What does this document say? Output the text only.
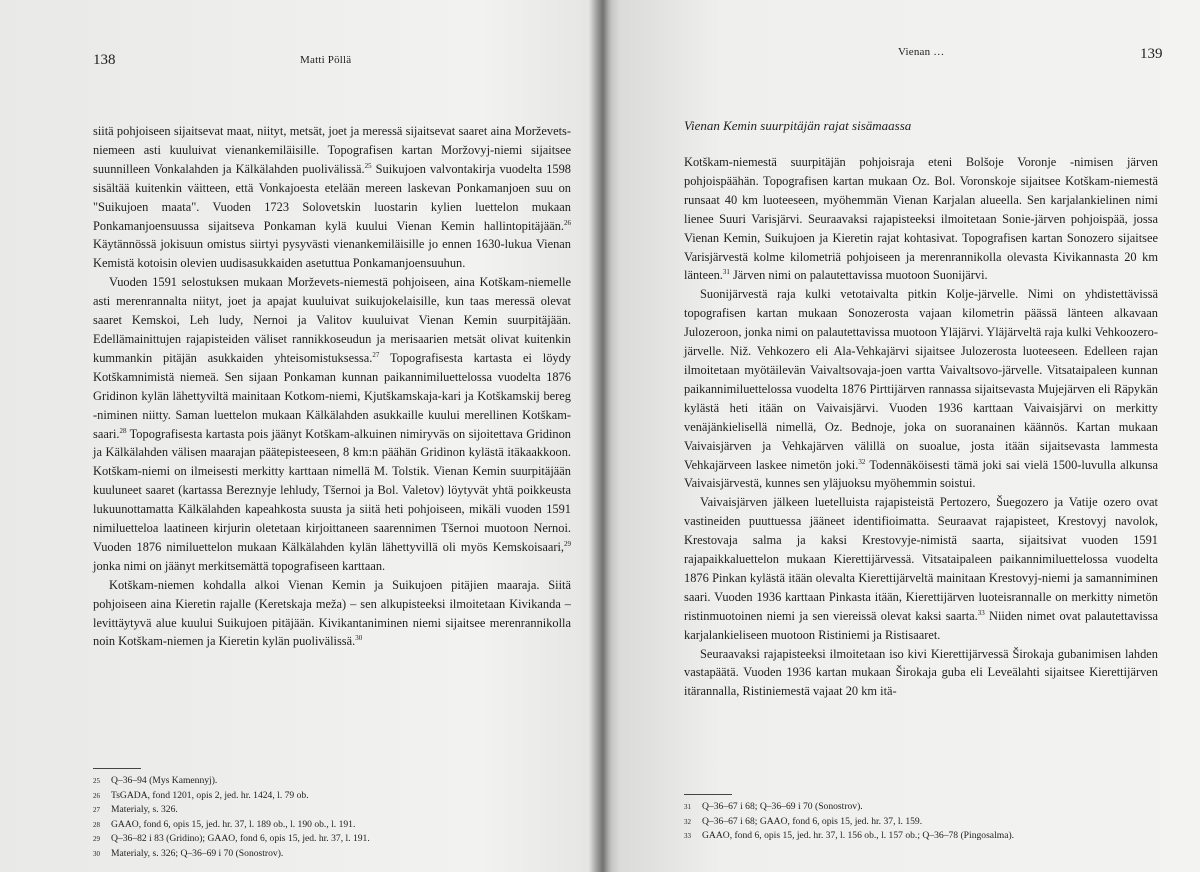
138	Matti Pöllä

siitä pohjoiseen sijaitsevat maat, niityt, metsät, joet ja meressä sijaitsevat saaret aina Morževets-niemeen asti kuuluivat vienankemiläisille. Topografisen kartan Moržovyj-niemi sijaitsee suunnilleen Vonkalahden ja Kälkälahden puolivälissä.$^{25}$ Suikujoen valvontakirja vuodelta 1598 sisältää kuitenkin väitteen, että Vonkajoesta etelään mereen laskevan Ponkamanjoen suu on "Suikujoen maata". Vuoden 1723 Solovetskin luostarin kylien luettelon mukaan Ponkamanjoensuussa sijaitseva Ponkaman kylä kuului Vienan Kemin hallintopitäjään.$^{26}$ Käytännössä jokisuun omistus siirtyi pysyvästi vienankemiläisille jo ennen 1630-lukua Vienan Kemistä kotoisin olevien uudisasukkaiden asetuttua Ponkamanjoensuuhun.

Vuoden 1591 selostuksen mukaan Morževets-niemestä pohjoiseen, aina Kotškam-niemelle asti merenrannalta niityt, joet ja apajat kuuluivat suikujokelaisille, kun taas meressä olevat saaret Kemskoi, Leh ludy, Nernoi ja Valitov kuuluivat Vienan Kemin suurpitäjään. Edellämainittujen rajapisteiden väliset rannikkoseudun ja merisaarien metsät olivat kuitenkin kummankin pitäjän asukkaiden yhteisomistuksessa.$^{27}$ Topografisesta kartasta ei löydy Kotškamnimistä niemeä. Sen sijaan Ponkaman kunnan paikannimiluettelossa vuodelta 1876 Gridinon kylän lähettyviltä mainitaan Kotkom-niemi, Kjutškamskaja-kari ja Kotškamskij bereg -niminen niitty. Saman luettelon mukaan Kälkälahden asukkaille kuului merellinen Kotškam-saari.$^{28}$ Topografisesta kartasta pois jäänyt Kotškam-alkuinen nimiryväs on sijoitettava Gridinon ja Kälkälahden välisen maarajan päätepisteeseen, 8 km:n päähän Gridinon kylästä itäkaakkoon. Kotškam-niemi on ilmeisesti merkitty karttaan nimellä M. Tolstik. Vienan Kemin suurpitäjään kuuluneet saaret (kartassa Bereznyje lehludy, Tšernoi ja Bol. Valetov) löytyvät yhtä poikkeusta lukuunottamatta Kälkälahden kapeahkosta suusta ja siitä heti pohjoiseen, mikäli vuoden 1591 nimiluetteloa laatineen kirjurin oletetaan kirjoittaneen saarennimen Tšernoi muotoon Nernoi. Vuoden 1876 nimiluettelon mukaan Kälkälahden kylän lähettyvillä oli myös Kemskoisaari,$^{29}$ jonka nimi on jäänyt merkitsemättä topografiseen karttaan.

Kotškam-niemen kohdalla alkoi Vienan Kemin ja Suikujoen pitäjien maaraja. Siitä pohjoiseen aina Kieretin rajalle (Keretskaja meža) – sen alkupisteeksi ilmoitetaan Kivikanda – levittäytyvä alue kuului Suikujoen pitäjään. Kivikantaniminen niemi sijaitsee merenrannikolla noin Kotškam-niemen ja Kieretin kylän puolivälissä.$^{30}$

25	Q–36–94 (Mys Kamennyj).
26	TsGADA, fond 1201, opis 2, jed. hr. 1424, l. 79 ob.
27	Materialy, s. 326.
28	GAAO, fond 6, opis 15, jed. hr. 37, l. 189 ob., l. 190 ob., l. 191.
29	Q–36–82 i 83 (Gridino); GAAO, fond 6, opis 15, jed. hr. 37, l. 191.
30	Materialy, s. 326; Q–36–69 i 70 (Sonostrov).
Vienan …	139
Vienan Kemin suurpitäjän rajat sisämaassa

Kotškam-niemestä suurpitäjän pohjoisraja eteni Bolšoje Voronje -nimisen järven pohjoispäähän. Topografisen kartan mukaan Oz. Bol. Voronskoje sijaitsee Kotškam-niemestä runsaat 40 km luoteeseen, myöhemmän Vienan Karjalan alueella. Sen karjalankielinen nimi lienee Suuri Varisjärvi. Seuraavaksi rajapisteeksi ilmoitetaan Sonie-järven pohjoispää, jossa Vienan Kemin, Suikujoen ja Kieretin rajat kohtasivat. Topografisen kartan Sonozero sijaitsee Varisjärvestä kolme kilometriä pohjoiseen ja merenrannikolla olevasta Kivikannasta 20 km länteen.$^{31}$ Järven nimi on palautettavissa muotoon Suonijärvi.

Suonijärvestä raja kulki vetotaivalta pitkin Kolje-järvelle. Nimi on yhdistettävissä topografisen kartan mukaan Sonozerosta vajaan kilometrin päässä länteen alkavaan Julozeroon, jonka nimi on palautettavissa muotoon Yläjärvi. Yläjärveltä raja kulki Vehkoozero-järvelle. Niž. Vehkozero eli Ala-Vehkajärvi sijaitsee Julozerosta luoteeseen. Edelleen rajan ilmoitetaan myötäilevän Vaivaltsovaja-joen vartta Vaivaltsovo-järvelle. Vitsataipaleen kunnan paikannimiluettelossa vuodelta 1876 Pirttijärven rannassa sijaitsevasta Mujejärven eli Räpykän kylästä heti itään on Vaivaisjärvi. Vuoden 1936 karttaan Vaivaisjärvi on merkitty venäjänkielisellä nimellä, Oz. Bednoje, joka on suoranainen käännös. Kartan mukaan Vaivaisjärven ja Vehkajärven välillä on suoalue, josta itään sijaitsevasta lammesta Vehkajärveen laskee nimetön joki.$^{32}$ Todennäköisesti tämä joki sai vielä 1500-luvulla alkunsa Vaivaisjärvestä, kunnes sen yläjuoksu myöhemmin soistui.

Vaivaisjärven jälkeen luetelluista rajapisteistä Pertozero, Šuegozero ja Vatije ozero ovat vastineiden puuttuessa jääneet identifioimatta. Seuraavat rajapisteet, Krestovyj navolok, Krestovaja salma ja kaksi Krestovyje-nimistä saarta, sijaitsivat vuoden 1591 rajapaikkaluettelon mukaan Kierettijärvessä. Vitsataipaleen paikannimiluettelossa vuodelta 1876 Pinkan kylästä itään olevalta Kierettijärveltä mainitaan Krestovyj-niemi ja samanniminen saari. Vuoden 1936 karttaan Pinkasta itään, Kierettijärven luoteisrannalle on merkitty nimetön ristinmuotoinen niemi ja sen viereissä olevat kaksi saarta.$^{33}$ Niiden nimet ovat palautettavissa karjalankieliseen muotoon Ristiniemi ja Ristisaaret.

Seuraavaksi rajapisteeksi ilmoitetaan iso kivi Kierettijärvessä Širokaja gubanimisen lahden vastapäätä. Vuoden 1936 kartan mukaan Širokaja guba eli Leveälahti sijaitsee Kierettijärven itärannalla, Ristiniemestä vajaat 20 km itä-

31	Q–36–67 i 68; Q–36–69 i 70 (Sonostrov).
32	Q–36–67 i 68; GAAO, fond 6, opis 15, jed. hr. 37, l. 159.
33	GAAO, fond 6, opis 15, jed. hr. 37, l. 156 ob., l. 157 ob.; Q–36–78 (Pingosalma).
